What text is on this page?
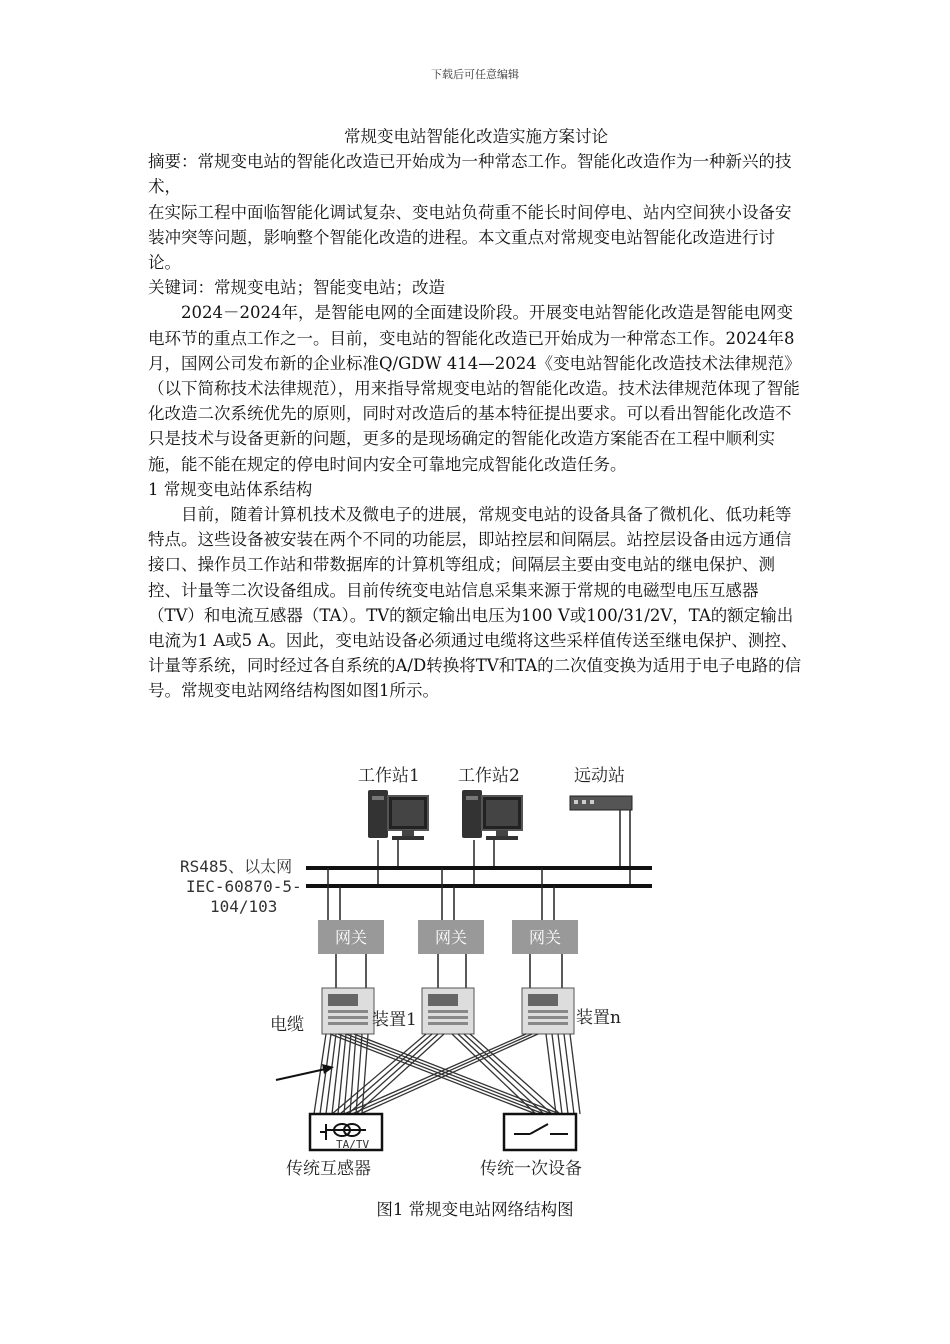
下载后可任意编辑
常规变电站智能化改造实施方案讨论

摘要：常规变电站的智能化改造已开始成为一种常态工作。智能化改造作为一种新兴的技术，

在实际工程中面临智能化调试复杂、变电站负荷重不能长时间停电、站内空间狭小设备安装冲突等问题，影响整个智能化改造的进程。本文重点对常规变电站智能化改造进行讨论。

关键词：常规变电站；智能变电站；改造

2024－2024年，是智能电网的全面建设阶段。开展变电站智能化改造是智能电网变电环节的重点工作之一。目前，变电站的智能化改造已开始成为一种常态工作。2024年8月，国网公司发布新的企业标准Q/GDW 414—2024《变电站智能化改造技术法律规范》（以下简称技术法律规范），用来指导常规变电站的智能化改造。技术法律规范体现了智能化改造二次系统优先的原则，同时对改造后的基本特征提出要求。可以看出智能化改造不只是技术与设备更新的问题，更多的是现场确定的智能化改造方案能否在工程中顺利实施，能不能在规定的停电时间内安全可靠地完成智能化改造任务。

1 常规变电站体系结构

目前，随着计算机技术及微电子的进展，常规变电站的设备具备了微机化、低功耗等特点。这些设备被安装在两个不同的功能层，即站控层和间隔层。站控层设备由远方通信接口、操作员工作站和带数据库的计算机等组成；间隔层主要由变电站的继电保护、测控、计量等二次设备组成。目前传统变电站信息采集来源于常规的电磁型电压互感器（TV）和电流互感器（TA）。TV的额定输出电压为100 V或100/31/2V，TA的额定输出电流为1 A或5 A。因此，变电站设备必须通过电缆将这些采样值传送至继电保护、测控、计量等系统，同时经过各自系统的A/D转换将TV和TA的二次值变换为适用于电子电路的信号。常规变电站网络结构图如图1所示。

工作站1 工作站2	远动站
RS485、以太网
IEC-60870-5-
104/103
网关	网关	网关
装置1	装置n
电缆
TA/TV
传统互感器	传统一次设备
图1 常规变电站网络结构图
